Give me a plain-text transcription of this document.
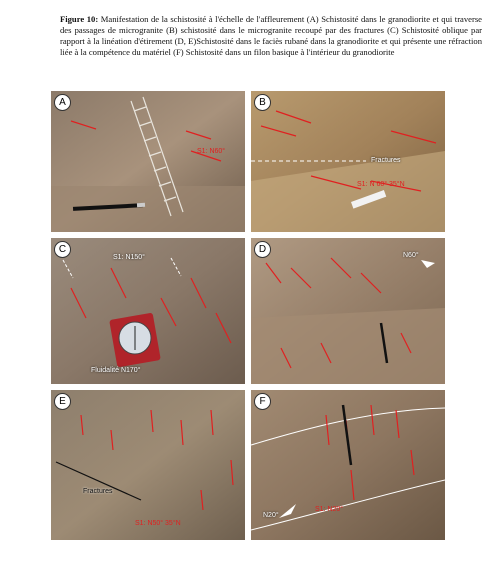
Figure 10: Manifestation de la schistosité à l'échelle de l'affleurement (A) Schistosité dans le granodiorite et qui traverse des passages de microgranite (B) schistosité dans le microgranite recoupé par des fractures (C) Schistosité oblique par rapport à la linéation d'étirement (D, E)Schistosité dans le faciès rubané dans la granodiorite et qui présente une réfraction liée à la compétence du matériel (F) Schistosité dans un filon basique à l'intérieur du granodiorite
A
S1: N60°
B
Fractures
S1: N 60° 35°N
C
S1: N150°
Fluidalité N170°
D
N60°
E
Fractures
S1: N50° 35°N
F
N20°
S1: N20°
